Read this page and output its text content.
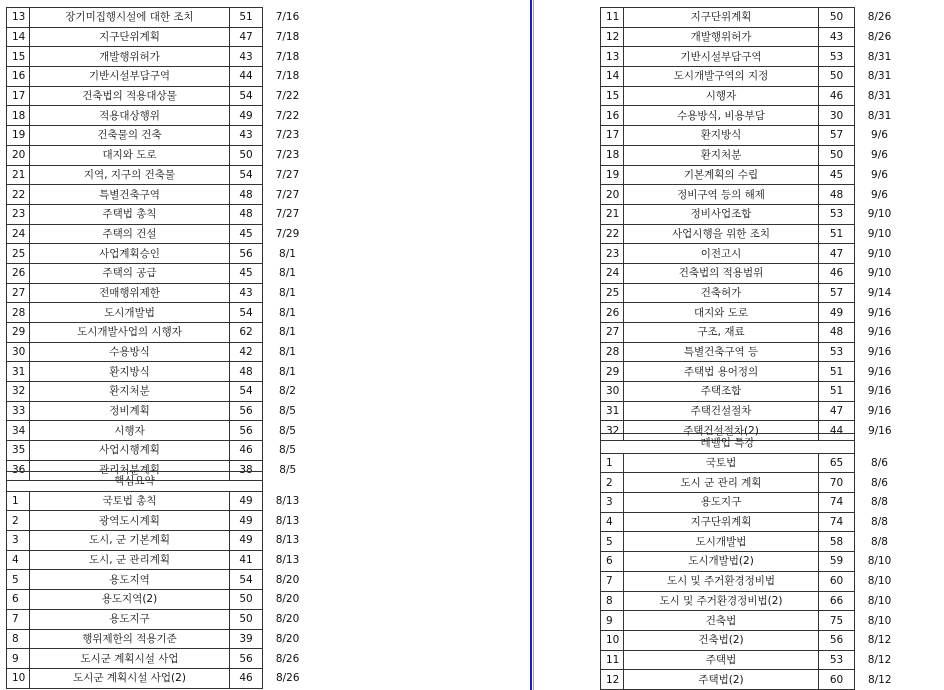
13	장기미집행시설에 대한 조치	51	7/16
14	지구단위계획	47	7/18
15	개발행위허가	43	7/18
16	기반시설부담구역	44	7/18
17	건축법의 적용대상물	54	7/22
18	적용대상행위	49	7/22
19	건축물의 건축	43	7/23
20	대지와 도로	50	7/23
21	지역, 지구의 건축물	54	7/27
22	특별건축구역	48	7/27
23	주택법 총칙	48	7/27
24	주택의 건설	45	7/29
25	사업계획승인	56	8/1
26	주택의 공급	45	8/1
27	전매행위제한	43	8/1
28	도시개발법	54	8/1
29	도시개발사업의 시행자	62	8/1
30	수용방식	42	8/1
31	환지방식	48	8/1
32	환지처분	54	8/2
33	정비계획	56	8/5
34	시행자	56	8/5
35	사업시행계획	46	8/5
36	관리처분계획	38	8/5
핵심요약			
1	국토법 총칙	49	8/13
2	광역도시계획	49	8/13
3	도시, 군 기본계획	49	8/13
4	도시, 군 관리계획	41	8/13
5	용도지역	54	8/20
6	용도지역(2)	50	8/20
7	용도지구	50	8/20
8	행위제한의 적용기준	39	8/20
9	도시군 계획시설 사업	56	8/26
10	도시군 계획시설 사업(2)	46	8/26
11	지구단위계획	50	8/26
12	개발행위허가	43	8/26
13	기반시설부담구역	53	8/31
14	도시개발구역의 지정	50	8/31
15	시행자	46	8/31
16	수용방식, 비용부담	30	8/31
17	환지방식	57	9/6
18	환지처분	50	9/6
19	기본계획의 수립	45	9/6
20	정비구역 등의 해제	48	9/6
21	정비사업조합	53	9/10
22	사업시행을 위한 조치	51	9/10
23	이전고시	47	9/10
24	건축법의 적용범위	46	9/10
25	건축허가	57	9/14
26	대지와 도로	49	9/16
27	구조, 재료	48	9/16
28	특별건축구역 등	53	9/16
29	주택법 용어정의	51	9/16
30	주택조합	51	9/16
31	주택건설절차	47	9/16
32	주택건설절차(2)	44	9/16
레벨업 특강			
1	국토법	65	8/6
2	도시 군 관리 계획	70	8/6
3	용도지구	74	8/8
4	지구단위계획	74	8/8
5	도시개발법	58	8/8
6	도시개발법(2)	59	8/10
7	도시 및 주거환경정비법	60	8/10
8	도시 및 주거환경정비법(2)	66	8/10
9	건축법	75	8/10
10	건축법(2)	56	8/12
11	주택법	53	8/12
12	주택법(2)	60	8/12
